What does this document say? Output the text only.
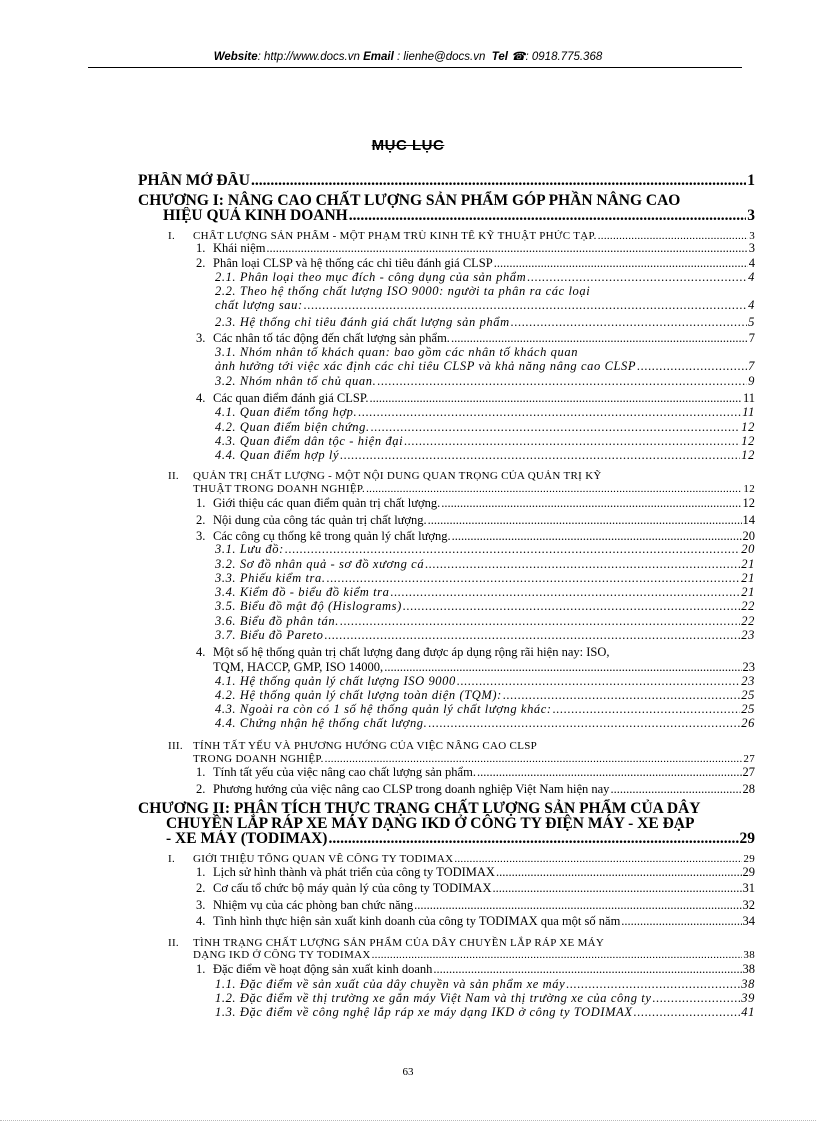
Website: http://www.docs.vn Email : lienhe@docs.vn Tel ☎: 0918.775.368
MỤC LỤC
PHẦN MỞ ĐẦU .....	1
CHƯƠNG I: NÂNG CAO CHẤT LƯỢNG SẢN PHẨM GÓP PHẦN NÂNG CAO
HIỆU QUẢ KINH DOANH .....	3
I. CHẤT LƯỢNG SẢN PHẨM - MỘT PHẠM TRÙ KINH TẾ KỸ THUẬT PHỨC TẠP. .....	3
1. Khái niệm .....	3
2. Phân loại CLSP và hệ thống các chỉ tiêu đánh giá CLSP .....	4
2.1. Phân loại theo mục đích - công dụng của sản phẩm .....	4
2.2. Theo hệ thống chất lượng ISO 9000: người ta phân ra các loại
chất lượng sau: .....	4
2.3. Hệ thống chỉ tiêu đánh giá chất lượng sản phẩm .....	5
3. Các nhân tố tác động đến chất lượng sản phẩm. .....	7
3.1. Nhóm nhân tố khách quan: bao gồm các nhân tố khách quan
ảnh hưởng tới việc xác định các chỉ tiêu CLSP và khả năng nâng cao CLSP .....	7
3.2. Nhóm nhân tố chủ quan. .....	9
4. Các quan điểm đánh giá CLSP. .....	11
4.1. Quan điểm tổng hợp. .....	11
4.2. Quan điểm biện chứng. .....	12
4.3. Quan điểm dân tộc - hiện đại .....	12
4.4. Quan điểm hợp lý .....	12
II. QUẢN TRỊ CHẤT LƯỢNG - MỘT NỘI DUNG QUAN TRỌNG CỦA QUẢN TRỊ KỸ
THUẬT TRONG DOANH NGHIỆP. .....	12
1. Giới thiệu các quan điểm quản trị chất lượng. .....	12
2. Nội dung của công tác quản trị chất lượng. .....	14
3. Các công cụ thống kê trong quản lý chất lượng. .....	20
3.1. Lưu đồ: .....	20
3.2. Sơ đồ nhân quả - sơ đồ xương cá .....	21
3.3. Phiếu kiểm tra. .....	21
3.4. Kiểm đồ - biểu đồ kiểm tra .....	21
3.5. Biểu đồ mật độ (Hislograms) .....	22
3.6. Biểu đồ phân tán. .....	22
3.7. Biểu đồ Pareto .....	23
4. Một số hệ thống quản trị chất lượng đang được áp dụng rộng rãi hiện nay: ISO,
TQM, HACCP, GMP, ISO 14000, .....	23
4.1. Hệ thống quản lý chất lượng ISO 9000 .....	23
4.2. Hệ thống quản lý chất lượng toàn diện (TQM): .....	25
4.3. Ngoài ra còn có 1 số hệ thống quản lý chất lượng khác: .....	25
4.4. Chứng nhận hệ thống chất lượng. .....	26
III. TÍNH TẤT YẾU VÀ PHƯƠNG HƯỚNG CỦA VIỆC NÂNG CAO CLSP
TRONG DOANH NGHIỆP. .....	27
1. Tính tất yếu của việc nâng cao chất lượng sản phẩm. .....	27
2. Phương hướng của việc nâng cao CLSP trong doanh nghiệp Việt Nam hiện nay .....	28
CHƯƠNG II: PHÂN TÍCH THỰC TRẠNG CHẤT LƯỢNG SẢN PHẨM CỦA DÂY
CHUYỀN LẮP RÁP XE MÁY DẠNG IKD Ở CÔNG TY ĐIỆN MÁY - XE ĐẠP
- XE MÁY (TODIMAX) .....	29
I. GIỚI THIỆU TỔNG QUAN VỀ CÔNG TY TODIMAX .....	29
1. Lịch sử hình thành và phát triển của công ty TODIMAX .....	29
2. Cơ cấu tổ chức bộ máy quản lý của công ty TODIMAX .....	31
3. Nhiệm vụ của các phòng ban chức năng .....	32
4. Tình hình thực hiện sản xuất kinh doanh của công ty TODIMAX qua một số năm .....	34
II. TÌNH TRẠNG CHẤT LƯỢNG SẢN PHẨM CỦA DÂY CHUYỀN LẮP RÁP XE MÁY
DẠNG IKD Ở CÔNG TY TODIMAX .....	38
1. Đặc điểm về hoạt động sản xuất kinh doanh .....	38
1.1. Đặc điểm về sản xuất của dây chuyền và sản phẩm xe máy .....	38
1.2. Đặc điểm về thị trường xe gắn máy Việt Nam và thị trường xe của công ty .....	39
1.3. Đặc điểm về công nghệ lắp ráp xe máy dạng IKD ở công ty TODIMAX .....	41
63
